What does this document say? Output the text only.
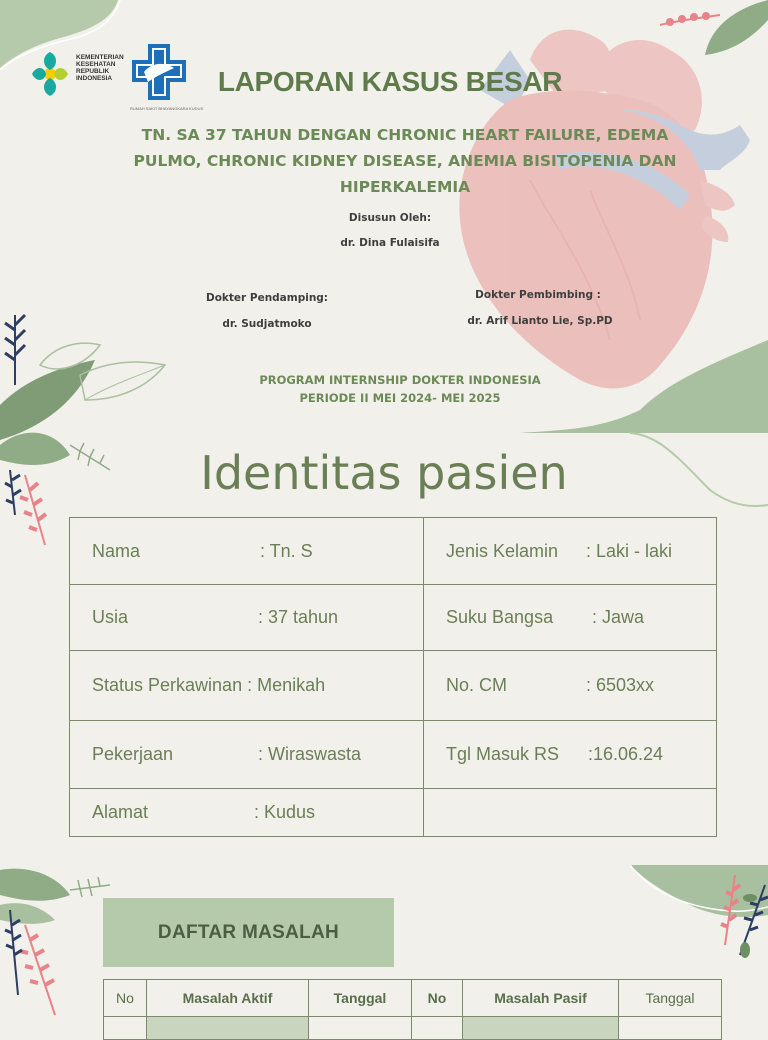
KEMENTERIAN KESEHATAN REPUBLIK INDONESIA
RUMAH SAKIT BHAYANGKARA KUDUS
LAPORAN KASUS BESAR
TN. SA 37 TAHUN DENGAN CHRONIC HEART FAILURE, EDEMA PULMO, CHRONIC KIDNEY DISEASE, ANEMIA BISITOPENIA DAN HIPERKALEMIA
Disusun Oleh:
dr. Dina Fulaisifa
Dokter Pendamping:
dr. Sudjatmoko
Dokter Pembimbing :
dr. Arif Lianto Lie, Sp.PD
PROGRAM INTERNSHIP DOKTER INDONESIA
PERIODE II MEI 2024- MEI 2025
Identitas pasien
Nama : Tn. S	Jenis Kelamin : Laki - laki
Usia : 37 tahun	Suku Bangsa : Jawa
Status Perkawinan : Menikah	No. CM : 6503xx
Pekerjaan : Wiraswasta	Tgl Masuk RS :16.06.24
Alamat : Kudus	
DAFTAR MASALAH
No	Masalah Aktif	Tanggal	No	Masalah Pasif	Tanggal
